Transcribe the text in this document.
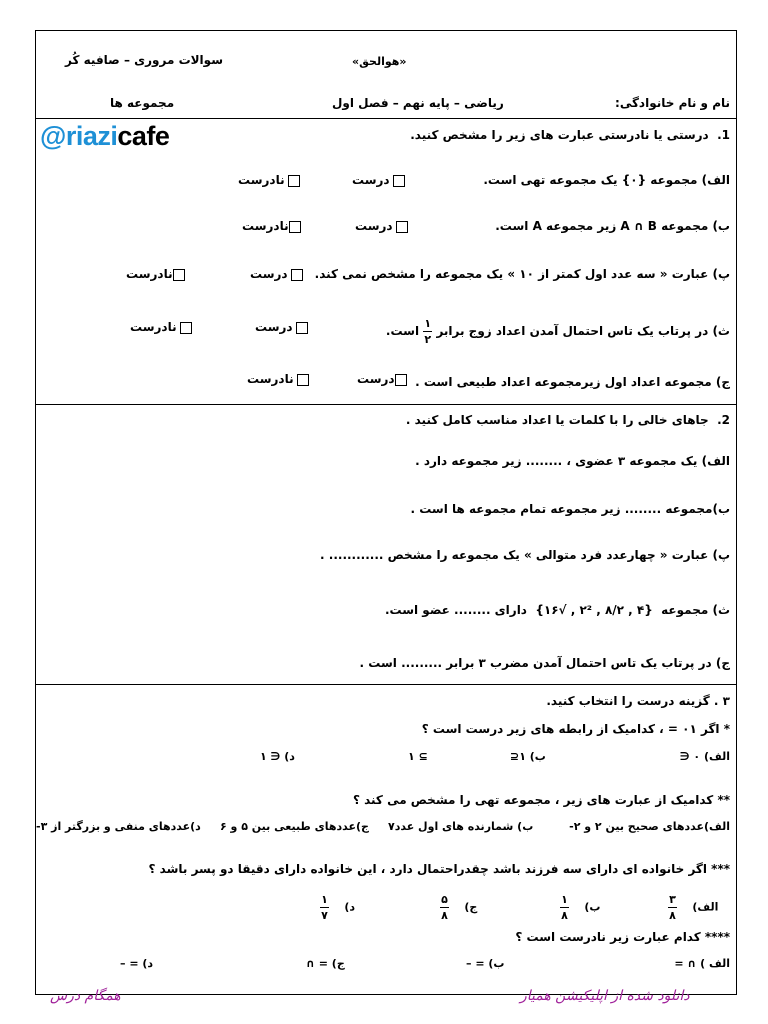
سوالات مروری – صافیه کُر	«هوالحق»
نام و نام خانوادگی:
ریاضی – پایه نهم – فصل اول
مجموعه ها
@riazicafe	1.  درستی یا نادرستی عبارت های زیر را مشخص کنید.
الف) مجموعه {۰} یک مجموعه تهی است.
درست
نادرست
ب) مجموعه A ∩ B زیر مجموعه A است.
درست
نادرست
پ) عبارت « سه عدد اول کمتر از ۱۰ » یک مجموعه را مشخص نمی کند.
درست
نادرست
ث) در پرتاب یک تاس احتمال آمدن اعداد زوج برابر
$\frac{۱}{۲}$
است.
درست
نادرست
ج) مجموعه اعداد اول زیرمجموعه اعداد طبیعی است .
درست
نادرست
2.  جاهای خالی را با کلمات یا اعداد مناسب کامل کنید .
الف) یک مجموعه ۳ عضوی ، ........ زیر مجموعه دارد .
ب)مجموعه ........ زیر مجموعه تمام مجموعه ها است .
پ) عبارت « چهارعدد فرد متوالی » یک مجموعه را مشخص ............ .
ث) مجموعه  {۴ , ۸/۲ , ۲² , √۱۶}  دارای ........ عضو است.
ج) در پرتاب یک تاس احتمال آمدن مضرب ۳ برابر ......... است .
۳ . گزینه درست را انتخاب کنید.
* اگر ۰۱ = ، کدامیک از رابطه های زیر درست است ؟
الف) ۰ ∈
ب) ۱⊆
۱ ⊆
د) ∈ ۱
** کدامیک از عبارت های زیر ، مجموعه تهی را مشخص می کند ؟
الف)عددهای صحیح بین ۲ و ۲-
ب) شمارنده های اول عدد۷
ج)عددهای طبیعی بین ۵ و ۶
د)عددهای منفی و بزرگتر از ۳-
*** اگر خانواده ای دارای سه فرزند باشد چقدراحتمال دارد ، این خانواده دارای دقیقا دو پسر باشد ؟
الف)
$\frac{۳}{۸}$
ب)
$\frac{۱}{۸}$
ج)
$\frac{۵}{۸}$
د)
$\frac{۱}{۷}$
**** کدام عبارت زیر نادرست است ؟
الف ) ∩ =
ب) = –
ج) = ∩
د) = –
همگام درس	دانلود شده از اپلیکیشن همیار
